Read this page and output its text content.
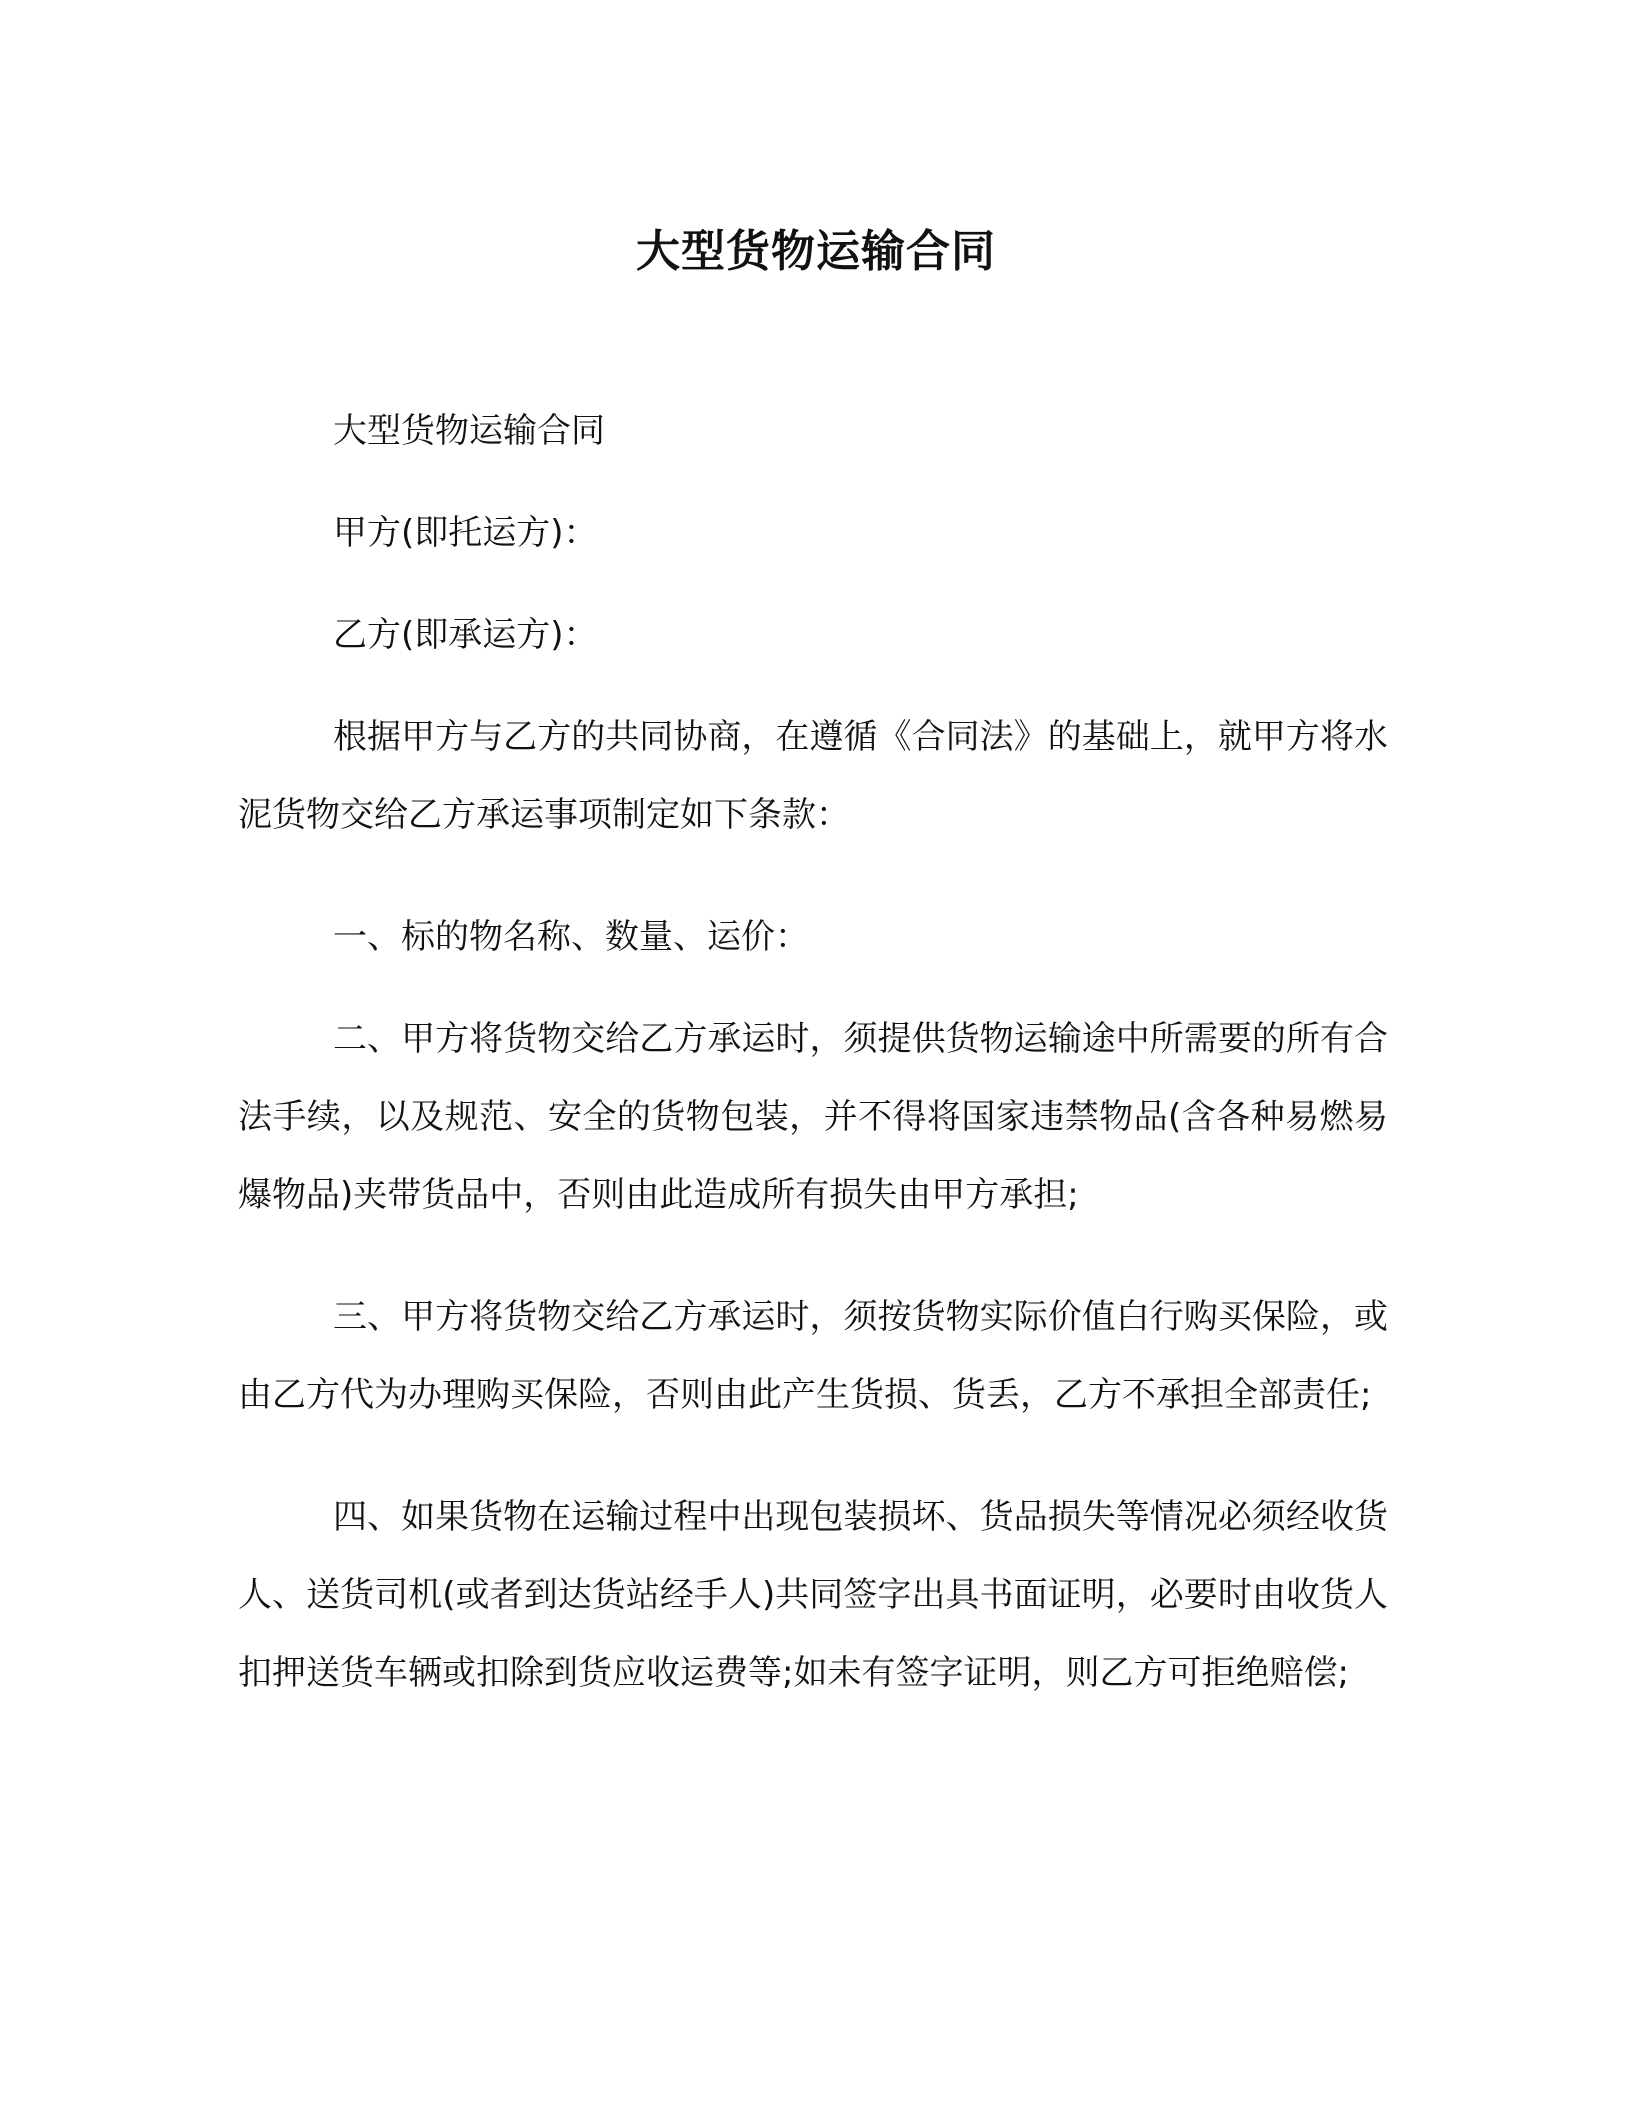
大型货物运输合同

大型货物运输合同

甲方(即托运方)：

乙方(即承运方)：

根据甲方与乙方的共同协商，在遵循《合同法》的基础上，就甲方将水泥货物交给乙方承运事项制定如下条款：

一、标的物名称、数量、运价：

二、甲方将货物交给乙方承运时，须提供货物运输途中所需要的所有合法手续，以及规范、安全的货物包装，并不得将国家违禁物品(含各种易燃易爆物品)夹带货品中，否则由此造成所有损失由甲方承担;

三、甲方将货物交给乙方承运时，须按货物实际价值白行购买保险，或由乙方代为办理购买保险，否则由此产生货损、货丢，乙方不承担全部责任;

四、如果货物在运输过程中出现包装损坏、货品损失等情况必须经收货人、送货司机(或者到达货站经手人)共同签字出具书面证明，必要时由收货人扣押送货车辆或扣除到货应收运费等;如未有签字证明，则乙方可拒绝赔偿;
